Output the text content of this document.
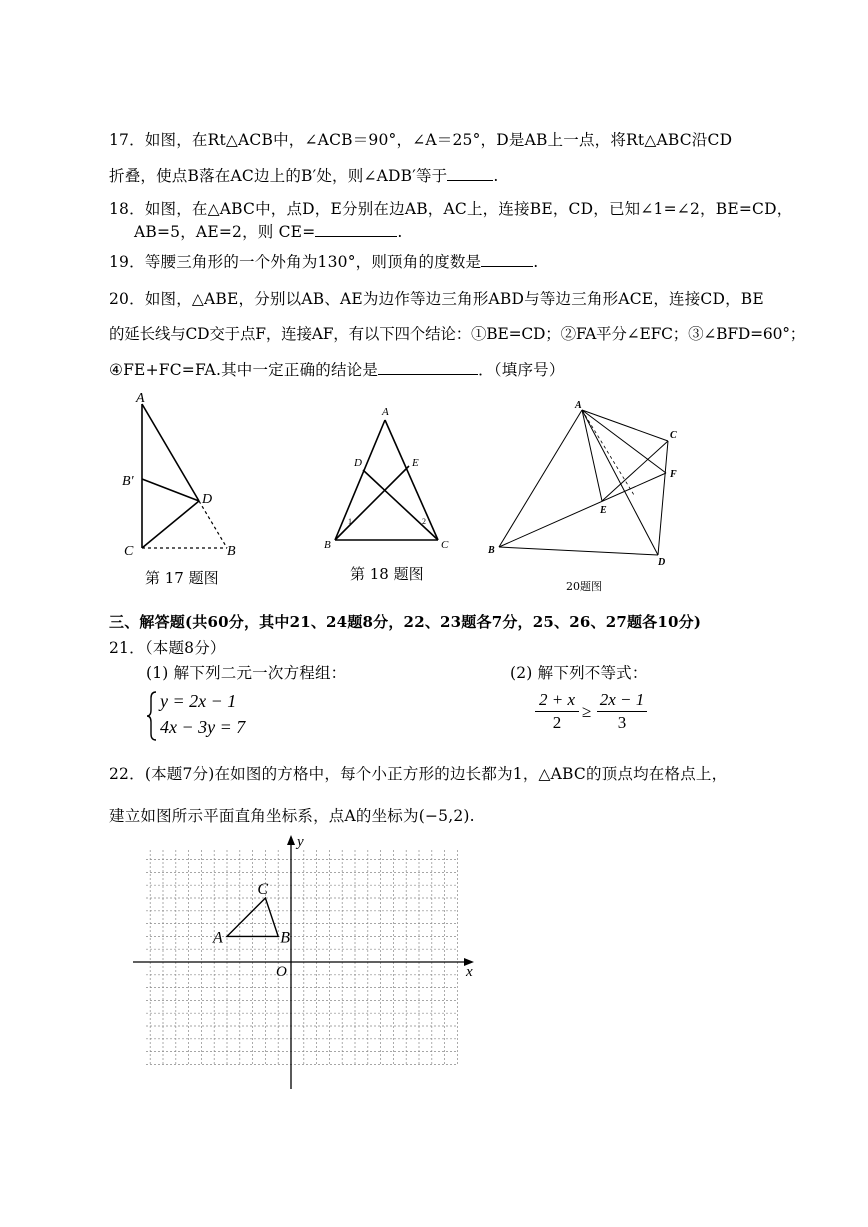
17．如图，在Rt△ACB中，∠ACB＝90°，∠A＝25°，D是AB上一点，将Rt△ABC沿CD
折叠，使点B落在AC边上的B′处，则∠ADB′等于	.
18．如图，在△ABC中，点D，E分别在边AB，AC上，连接BE，CD，已知∠1=∠2，BE=CD，
AB=5，AE=2，则 CE=	.
19．等腰三角形的一个外角为130°，则顶角的度数是	.
20．如图，△ABE，分别以AB、AE为边作等边三角形ABD与等边三角形ACE，连接CD，BE
的延长线与CD交于点F，连接AF，有以下四个结论：①BE=CD；②FA平分∠EFC；③∠BFD=60°；
④FE+FC=FA.其中一定正确的结论是	．（填序号）
A
B′
D
C	B
第 17 题图
A
D	E
B	C
1	2
第 18 题图
A
C
F
E
B
D
20题图
三、解答题(共60分，其中21、24题8分，22、23题各7分，25、26、27题各10分)
21．（本题8分）
(1) 解下列二元一次方程组：	(2) 解下列不等式：
y = 2x − 1
4x − 3y = 7
2 + x
2
≥
2x − 1
3
22．(本题7分)在如图的方格中，每个小正方形的边长都为1，△ABC的顶点均在格点上，
建立如图所示平面直角坐标系，点A的坐标为(−5,2).
A	B
C
O	x
y
